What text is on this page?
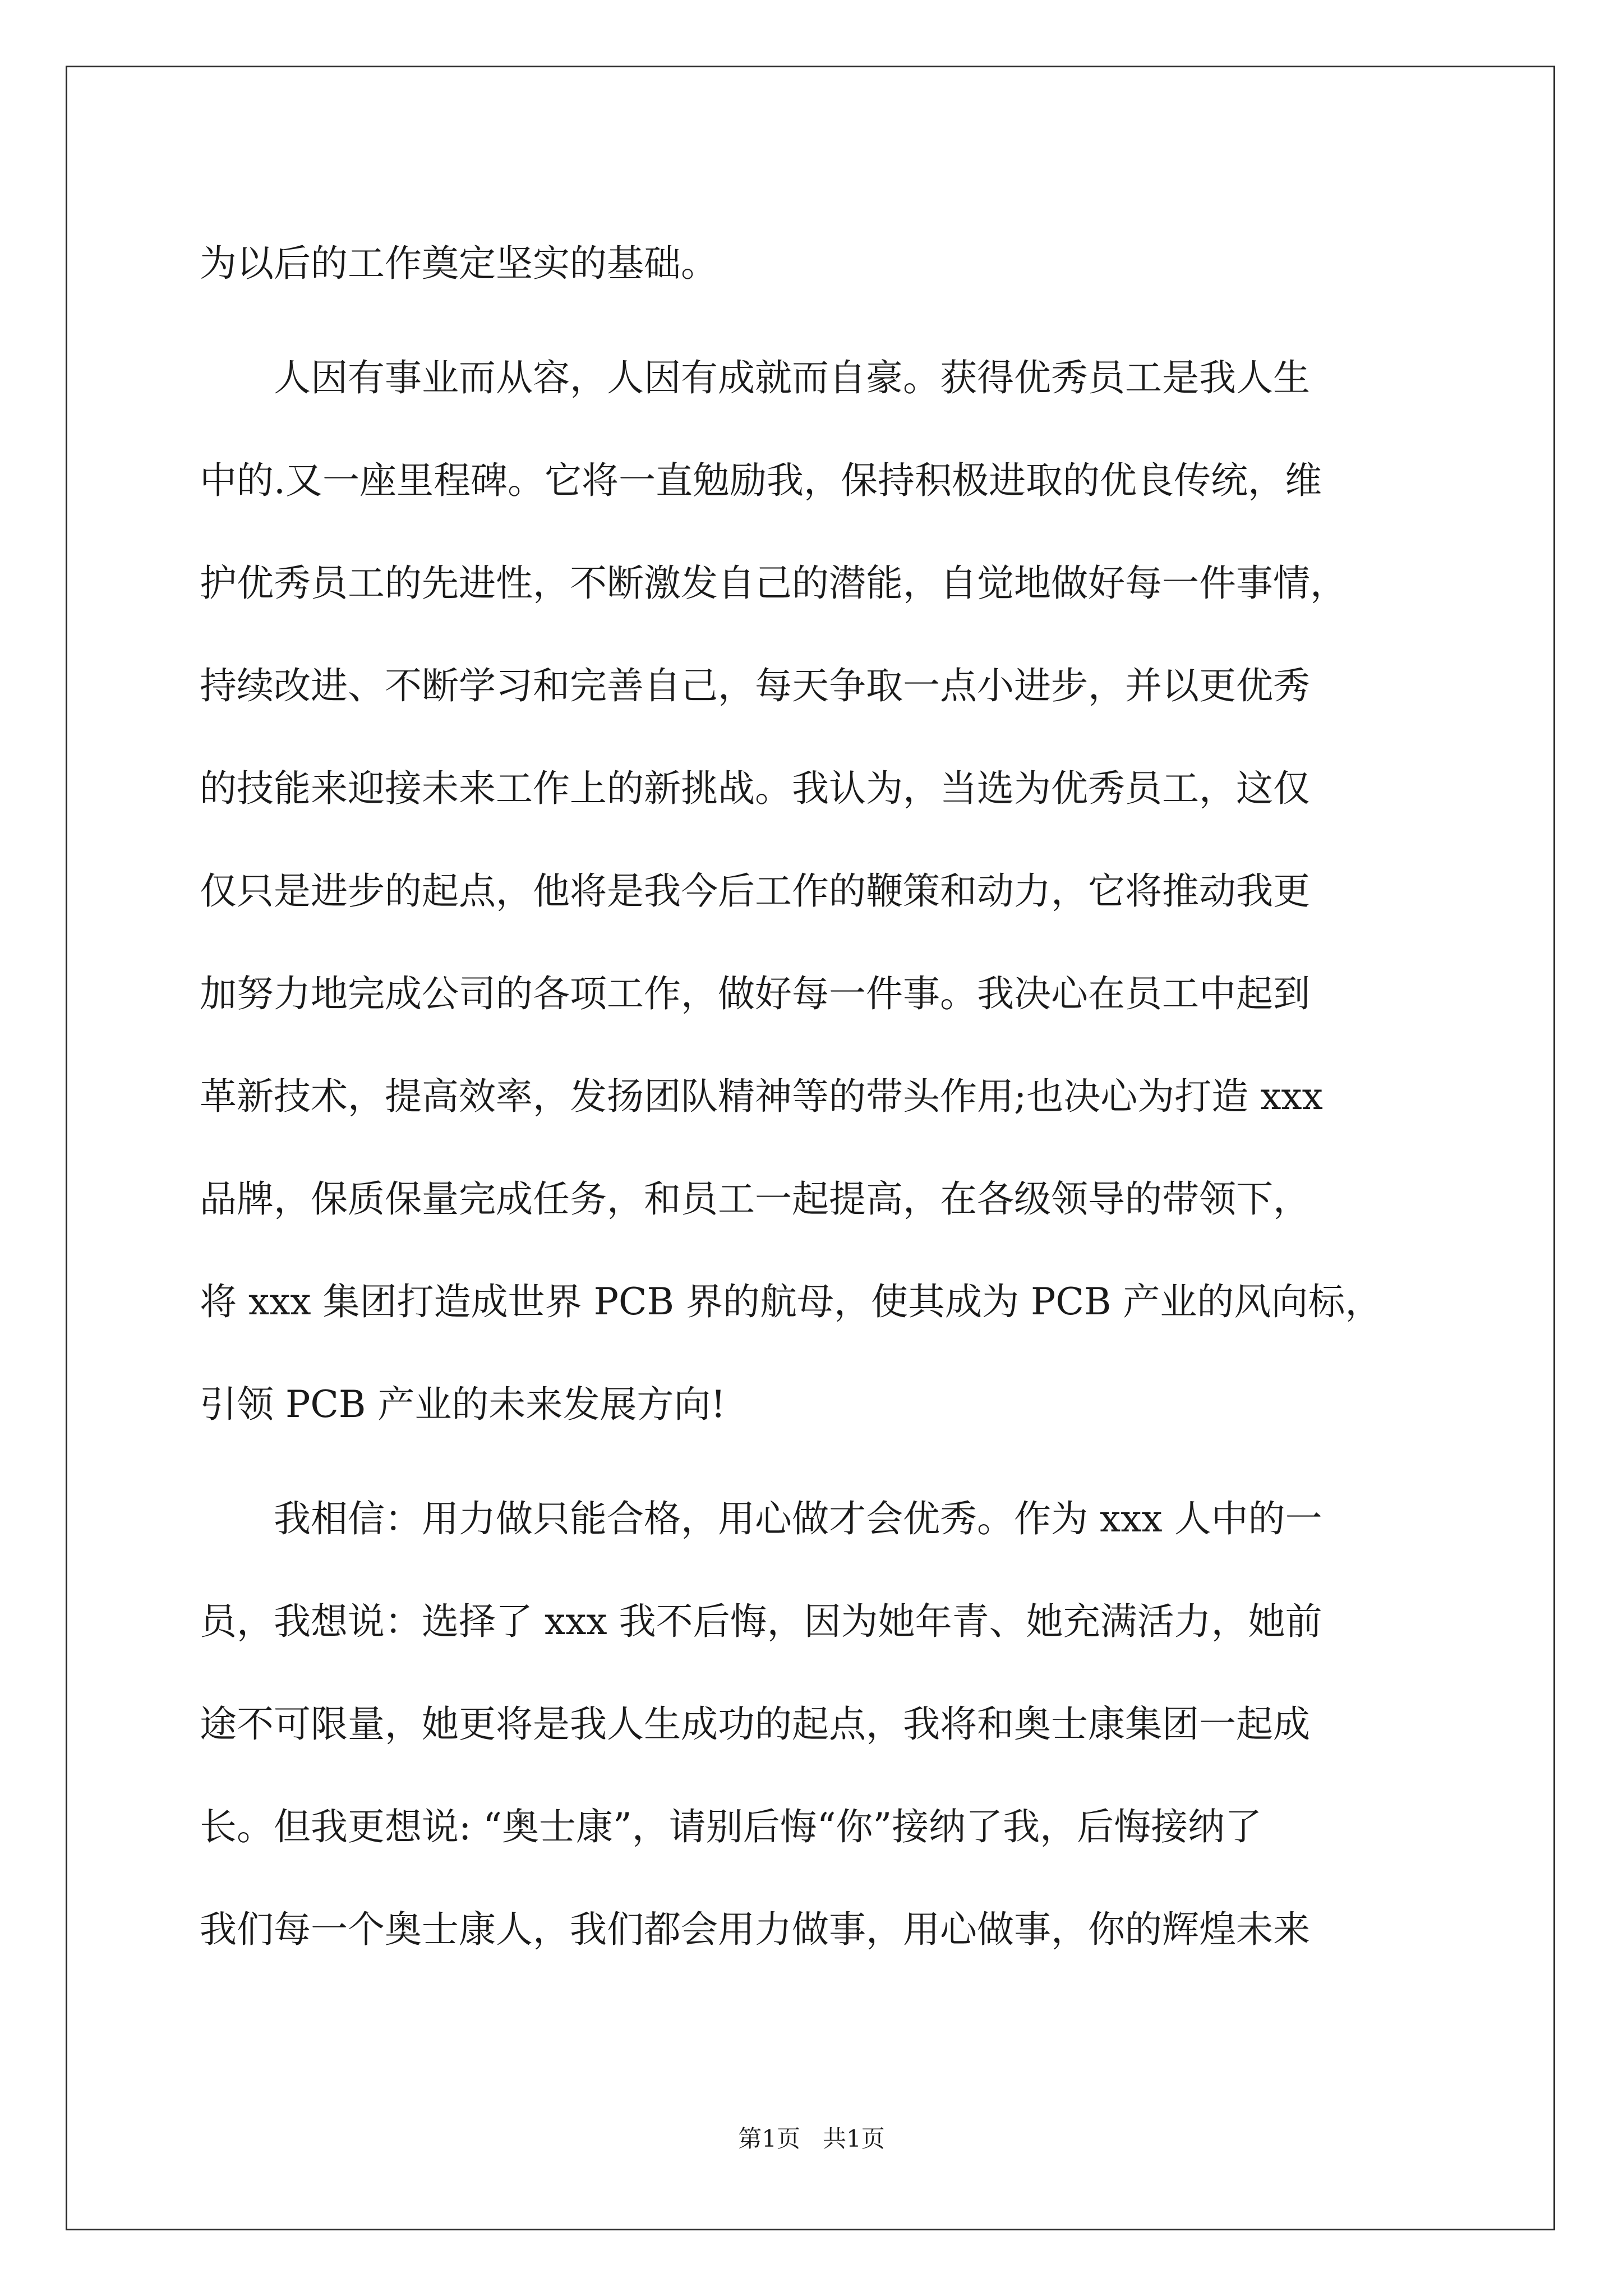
为以后的工作奠定坚实的基础。
　　人因有事业而从容，人因有成就而自豪。获得优秀员工是我人生
中的.又一座里程碑。它将一直勉励我，保持积极进取的优良传统，维
护优秀员工的先进性，不断激发自己的潜能，自觉地做好每一件事情，
持续改进、不断学习和完善自己，每天争取一点小进步，并以更优秀
的技能来迎接未来工作上的新挑战。我认为，当选为优秀员工，这仅
仅只是进步的起点，他将是我今后工作的鞭策和动力，它将推动我更
加努力地完成公司的各项工作，做好每一件事。我决心在员工中起到
革新技术，提高效率，发扬团队精神等的带头作用;也决心为打造 xxx
品牌，保质保量完成任务，和员工一起提高，在各级领导的带领下，
将 xxx 集团打造成世界 PCB 界的航母，使其成为 PCB 产业的风向标，
引领 PCB 产业的未来发展方向!
　　我相信：用力做只能合格，用心做才会优秀。作为 xxx 人中的一
员，我想说：选择了 xxx 我不后悔，因为她年青、她充满活力，她前
途不可限量，她更将是我人生成功的起点，我将和奥士康集团一起成
长。但我更想说: “奥士康”，请别后悔“你”接纳了我，后悔接纳了
我们每一个奥士康人，我们都会用力做事，用心做事，你的辉煌未来
第1页 共1页
